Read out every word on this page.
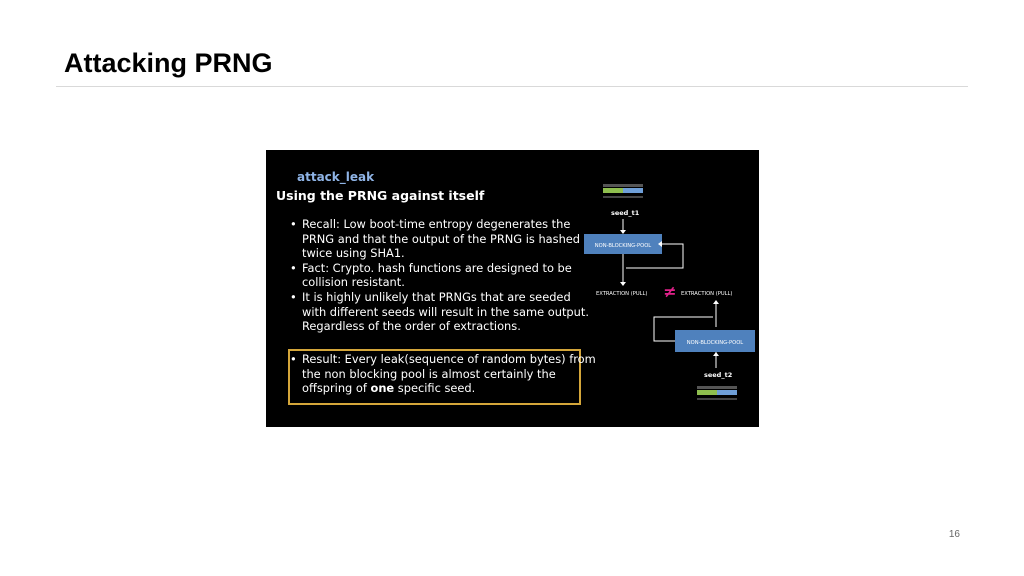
Attacking PRNG
attack_leak
Using the PRNG against itself
• Recall: Low boot-time entropy degenerates the PRNG and that the output of the PRNG is hashed twice using SHA1.
• Fact: Crypto. hash functions are designed to be collision resistant.
• It is highly unlikely that PRNGs that are seeded with different seeds will result in the same output. Regardless of the order of extractions.
• Result: Every leak(sequence of random bytes) from the non blocking pool is almost certainly the offspring of one specific seed.
seed_t1
NON-BLOCKING-POOL
EXTRACTION (PULL) ≠ EXTRACTION (PULL)
NON-BLOCKING-POOL
seed_t2
16
